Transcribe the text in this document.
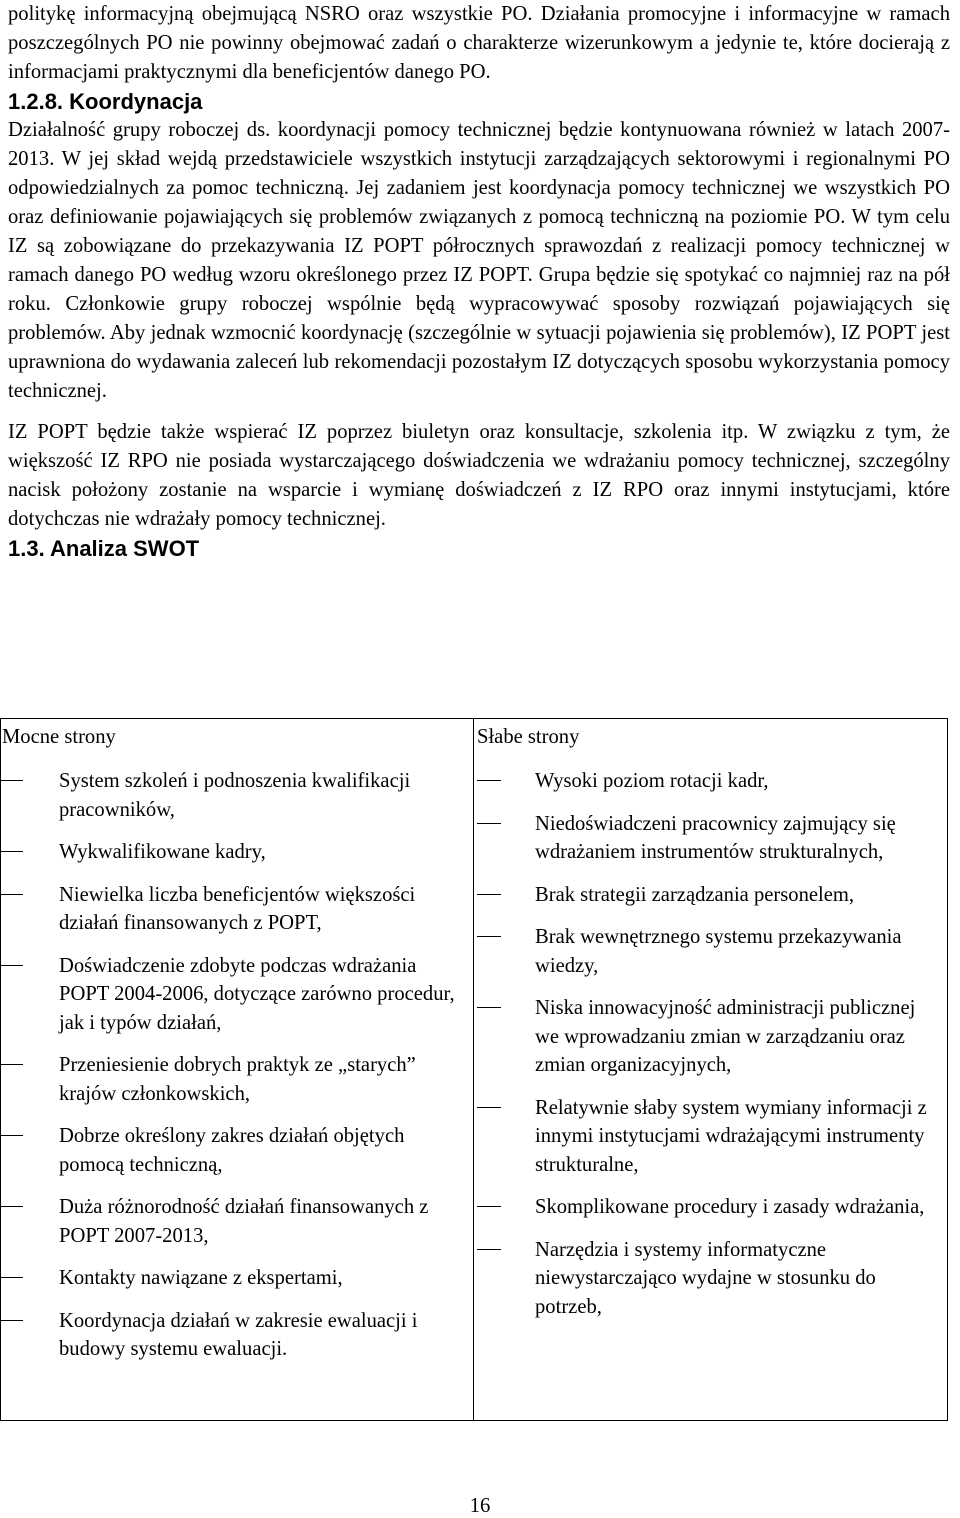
politykę informacyjną obejmującą NSRO oraz wszystkie PO. Działania promocyjne i informacyjne w ramach poszczególnych PO nie powinny obejmować zadań o charakterze wizerunkowym a jedynie te, które docierają z informacjami praktycznymi dla beneficjentów danego PO.

1.2.8. Koordynacja

Działalność grupy roboczej ds. koordynacji pomocy technicznej będzie kontynuowana również w latach 2007-2013. W jej skład wejdą przedstawiciele wszystkich instytucji zarządzających sektorowymi i regionalnymi PO odpowiedzialnych za pomoc techniczną. Jej zadaniem jest koordynacja pomocy technicznej we wszystkich PO oraz definiowanie pojawiających się problemów związanych z pomocą techniczną na poziomie PO. W tym celu IZ są zobowiązane do przekazywania IZ POPT półrocznych sprawozdań z realizacji pomocy technicznej w ramach danego PO według wzoru określonego przez IZ POPT. Grupa będzie się spotykać co najmniej raz na pół roku. Członkowie grupy roboczej wspólnie będą wypracowywać sposoby rozwiązań pojawiających się problemów. Aby jednak wzmocnić koordynację (szczególnie w sytuacji pojawienia się problemów), IZ POPT jest uprawniona do wydawania zaleceń lub rekomendacji pozostałym IZ dotyczących sposobu wykorzystania pomocy technicznej.

IZ POPT będzie także wspierać IZ poprzez biuletyn oraz konsultacje, szkolenia itp. W związku z tym, że większość IZ RPO nie posiada wystarczającego doświadczenia we wdrażaniu pomocy technicznej, szczególny nacisk położony zostanie na wsparcie i wymianę doświadczeń z IZ RPO oraz innymi instytucjami, które dotychczas nie wdrażały pomocy technicznej.

1.3. Analiza SWOT

Mocne strony

System szkoleń i podnoszenia kwalifikacji pracowników,
Wykwalifikowane kadry,
Niewielka liczba beneficjentów większości działań finansowanych z POPT,
Doświadczenie zdobyte podczas wdrażania POPT 2004-2006, dotyczące zarówno procedur, jak i typów działań,
Przeniesienie dobrych praktyk ze „starych” krajów członkowskich,
Dobrze określony zakres działań objętych pomocą techniczną,
Duża różnorodność działań finansowanych z POPT 2007-2013,
Kontakty nawiązane z ekspertami,
Koordynacja działań w zakresie ewaluacji i budowy systemu ewaluacji.

Słabe strony

Wysoki poziom rotacji kadr,
Niedoświadczeni pracownicy zajmujący się wdrażaniem instrumentów strukturalnych,
Brak strategii zarządzania personelem,
Brak wewnętrznego systemu przekazywania wiedzy,
Niska innowacyjność administracji publicznej we wprowadzaniu zmian w zarządzaniu oraz zmian organizacyjnych,
Relatywnie słaby system wymiany informacji z innymi instytucjami wdrażającymi instrumenty strukturalne,
Skomplikowane procedury i zasady wdrażania,
Narzędzia i systemy informatyczne niewystarczająco wydajne w stosunku do potrzeb,
16
